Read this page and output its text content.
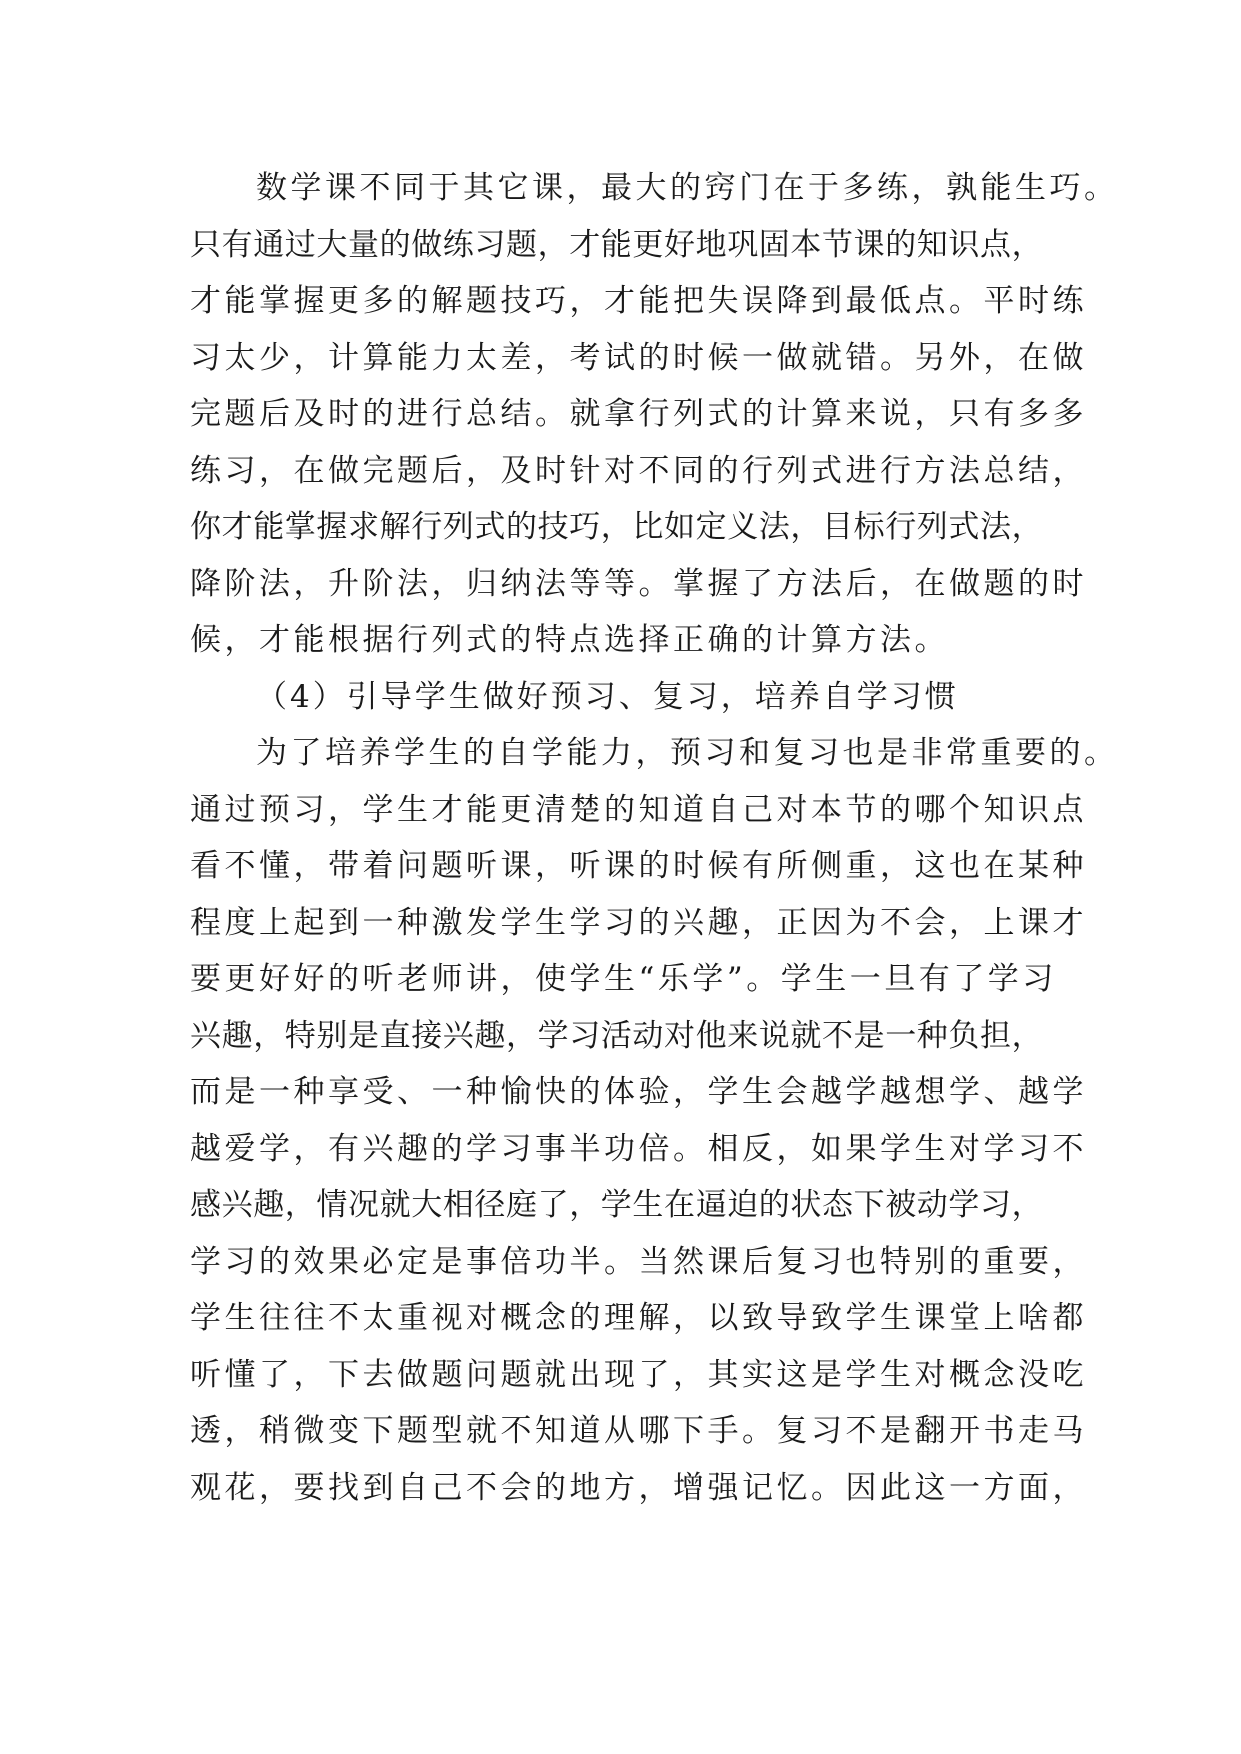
数学课不同于其它课，最大的窍门在于多练，孰能生巧。
只有通过大量的做练习题，才能更好地巩固本节课的知识点，
才能掌握更多的解题技巧，才能把失误降到最低点。平时练
习太少，计算能力太差，考试的时候一做就错。另外，在做
完题后及时的进行总结。就拿行列式的计算来说，只有多多
练习，在做完题后，及时针对不同的行列式进行方法总结，
你才能掌握求解行列式的技巧，比如定义法，目标行列式法，
降阶法，升阶法，归纳法等等。掌握了方法后，在做题的时
候，才能根据行列式的特点选择正确的计算方法。
（4）引导学生做好预习、复习，培养自学习惯
为了培养学生的自学能力，预习和复习也是非常重要的。
通过预习，学生才能更清楚的知道自己对本节的哪个知识点
看不懂，带着问题听课，听课的时候有所侧重，这也在某种
程度上起到一种激发学生学习的兴趣，正因为不会，上课才
要更好好的听老师讲，使学生“乐学”。学生一旦有了学习
兴趣，特别是直接兴趣，学习活动对他来说就不是一种负担，
而是一种享受、一种愉快的体验，学生会越学越想学、越学
越爱学，有兴趣的学习事半功倍。相反，如果学生对学习不
感兴趣，情况就大相径庭了，学生在逼迫的状态下被动学习，
学习的效果必定是事倍功半。当然课后复习也特别的重要，
学生往往不太重视对概念的理解，以致导致学生课堂上啥都
听懂了，下去做题问题就出现了，其实这是学生对概念没吃
透，稍微变下题型就不知道从哪下手。复习不是翻开书走马
观花，要找到自己不会的地方，增强记忆。因此这一方面，
